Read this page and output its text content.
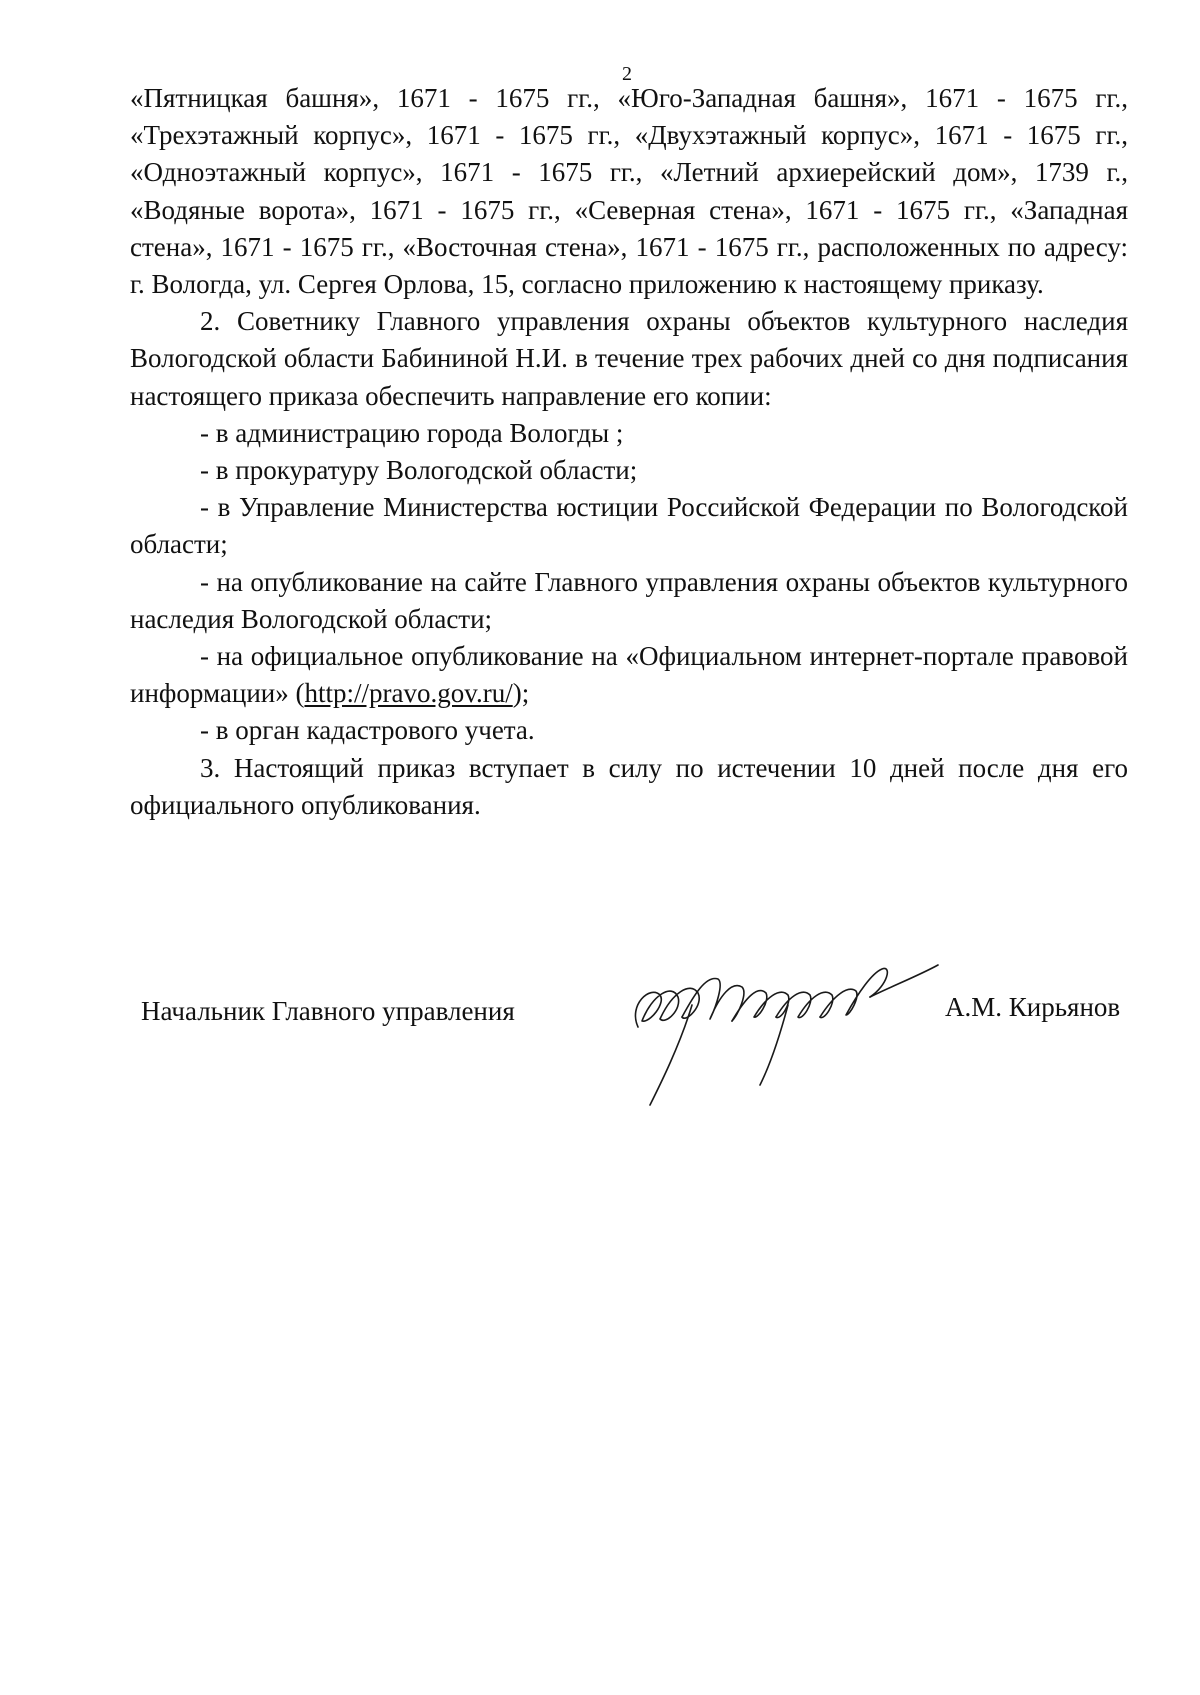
2

«Пятницкая башня», 1671 - 1675 гг., «Юго-Западная башня», 1671 - 1675 гг., «Трехэтажный корпус», 1671 - 1675 гг., «Двухэтажный корпус», 1671 - 1675 гг., «Одноэтажный корпус», 1671 - 1675 гг., «Летний архиерейский дом», 1739 г., «Водяные ворота», 1671 - 1675 гг., «Северная стена», 1671 - 1675 гг., «Западная стена», 1671 - 1675 гг., «Восточная стена», 1671 - 1675 гг., расположенных по адресу: г. Вологда, ул. Сергея Орлова, 15, согласно приложению к настоящему приказу.

2. Советнику Главного управления охраны объектов культурного наследия Вологодской области Бабининой Н.И. в течение трех рабочих дней со дня подписания настоящего приказа обеспечить направление его копии:

- в администрацию города Вологды ;

- в прокуратуру Вологодской области;

- в Управление Министерства юстиции Российской Федерации по Вологодской области;

- на опубликование на сайте Главного управления охраны объектов культурного наследия Вологодской области;

- на официальное опубликование на «Официальном интернет-портале правовой информации» (http://pravo.gov.ru/);

- в орган кадастрового учета.

3. Настоящий приказ вступает в силу по истечении 10 дней после дня его официального опубликования.

Начальник Главного управления	А.М. Кирьянов
